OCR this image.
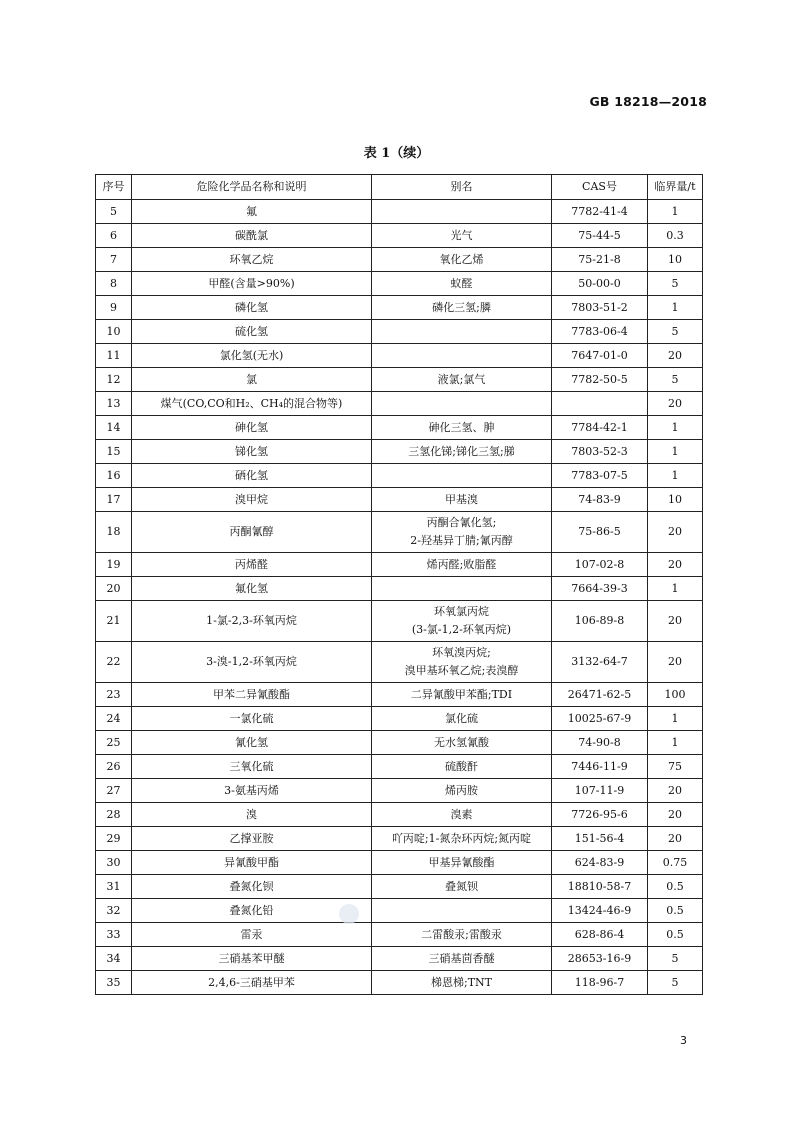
GB 18218—2018
表 1（续）
序号	危险化学品名称和说明	别名	CAS号	临界量/t
5	氟		7782-41-4	1
6	碳酰氯	光气	75-44-5	0.3
7	环氧乙烷	氧化乙烯	75-21-8	10
8	甲醛(含量>90%)	蚁醛	50-00-0	5
9	磷化氢	磷化三氢;膦	7803-51-2	1
10	硫化氢		7783-06-4	5
11	氯化氢(无水)		7647-01-0	20
12	氯	液氯;氯气	7782-50-5	5
13	煤气(CO,CO和H₂、CH₄的混合物等)			20
14	砷化氢	砷化三氢、胂	7784-42-1	1
15	锑化氢	三氢化锑;锑化三氢;䏲	7803-52-3	1
16	硒化氢		7783-07-5	1
17	溴甲烷	甲基溴	74-83-9	10
18	丙酮氰醇	丙酮合氰化氢;
2-羟基异丁腈;氰丙醇	75-86-5	20
19	丙烯醛	烯丙醛;败脂醛	107-02-8	20
20	氟化氢		7664-39-3	1
21	1-氯-2,3-环氧丙烷	环氧氯丙烷
(3-氯-1,2-环氧丙烷)	106-89-8	20
22	3-溴-1,2-环氧丙烷	环氧溴丙烷;
溴甲基环氧乙烷;表溴醇	3132-64-7	20
23	甲苯二异氰酸酯	二异氰酸甲苯酯;TDI	26471-62-5	100
24	一氯化硫	氯化硫	10025-67-9	1
25	氰化氢	无水氢氰酸	74-90-8	1
26	三氧化硫	硫酸酐	7446-11-9	75
27	3-氨基丙烯	烯丙胺	107-11-9	20
28	溴	溴素	7726-95-6	20
29	乙撑亚胺	吖丙啶;1-氮杂环丙烷;氮丙啶	151-56-4	20
30	异氰酸甲酯	甲基异氰酸酯	624-83-9	0.75
31	叠氮化钡	叠氮钡	18810-58-7	0.5
32	叠氮化铅		13424-46-9	0.5
33	雷汞	二雷酸汞;雷酸汞	628-86-4	0.5
34	三硝基苯甲醚	三硝基茴香醚	28653-16-9	5
35	2,4,6-三硝基甲苯	梯恩梯;TNT	118-96-7	5
3
